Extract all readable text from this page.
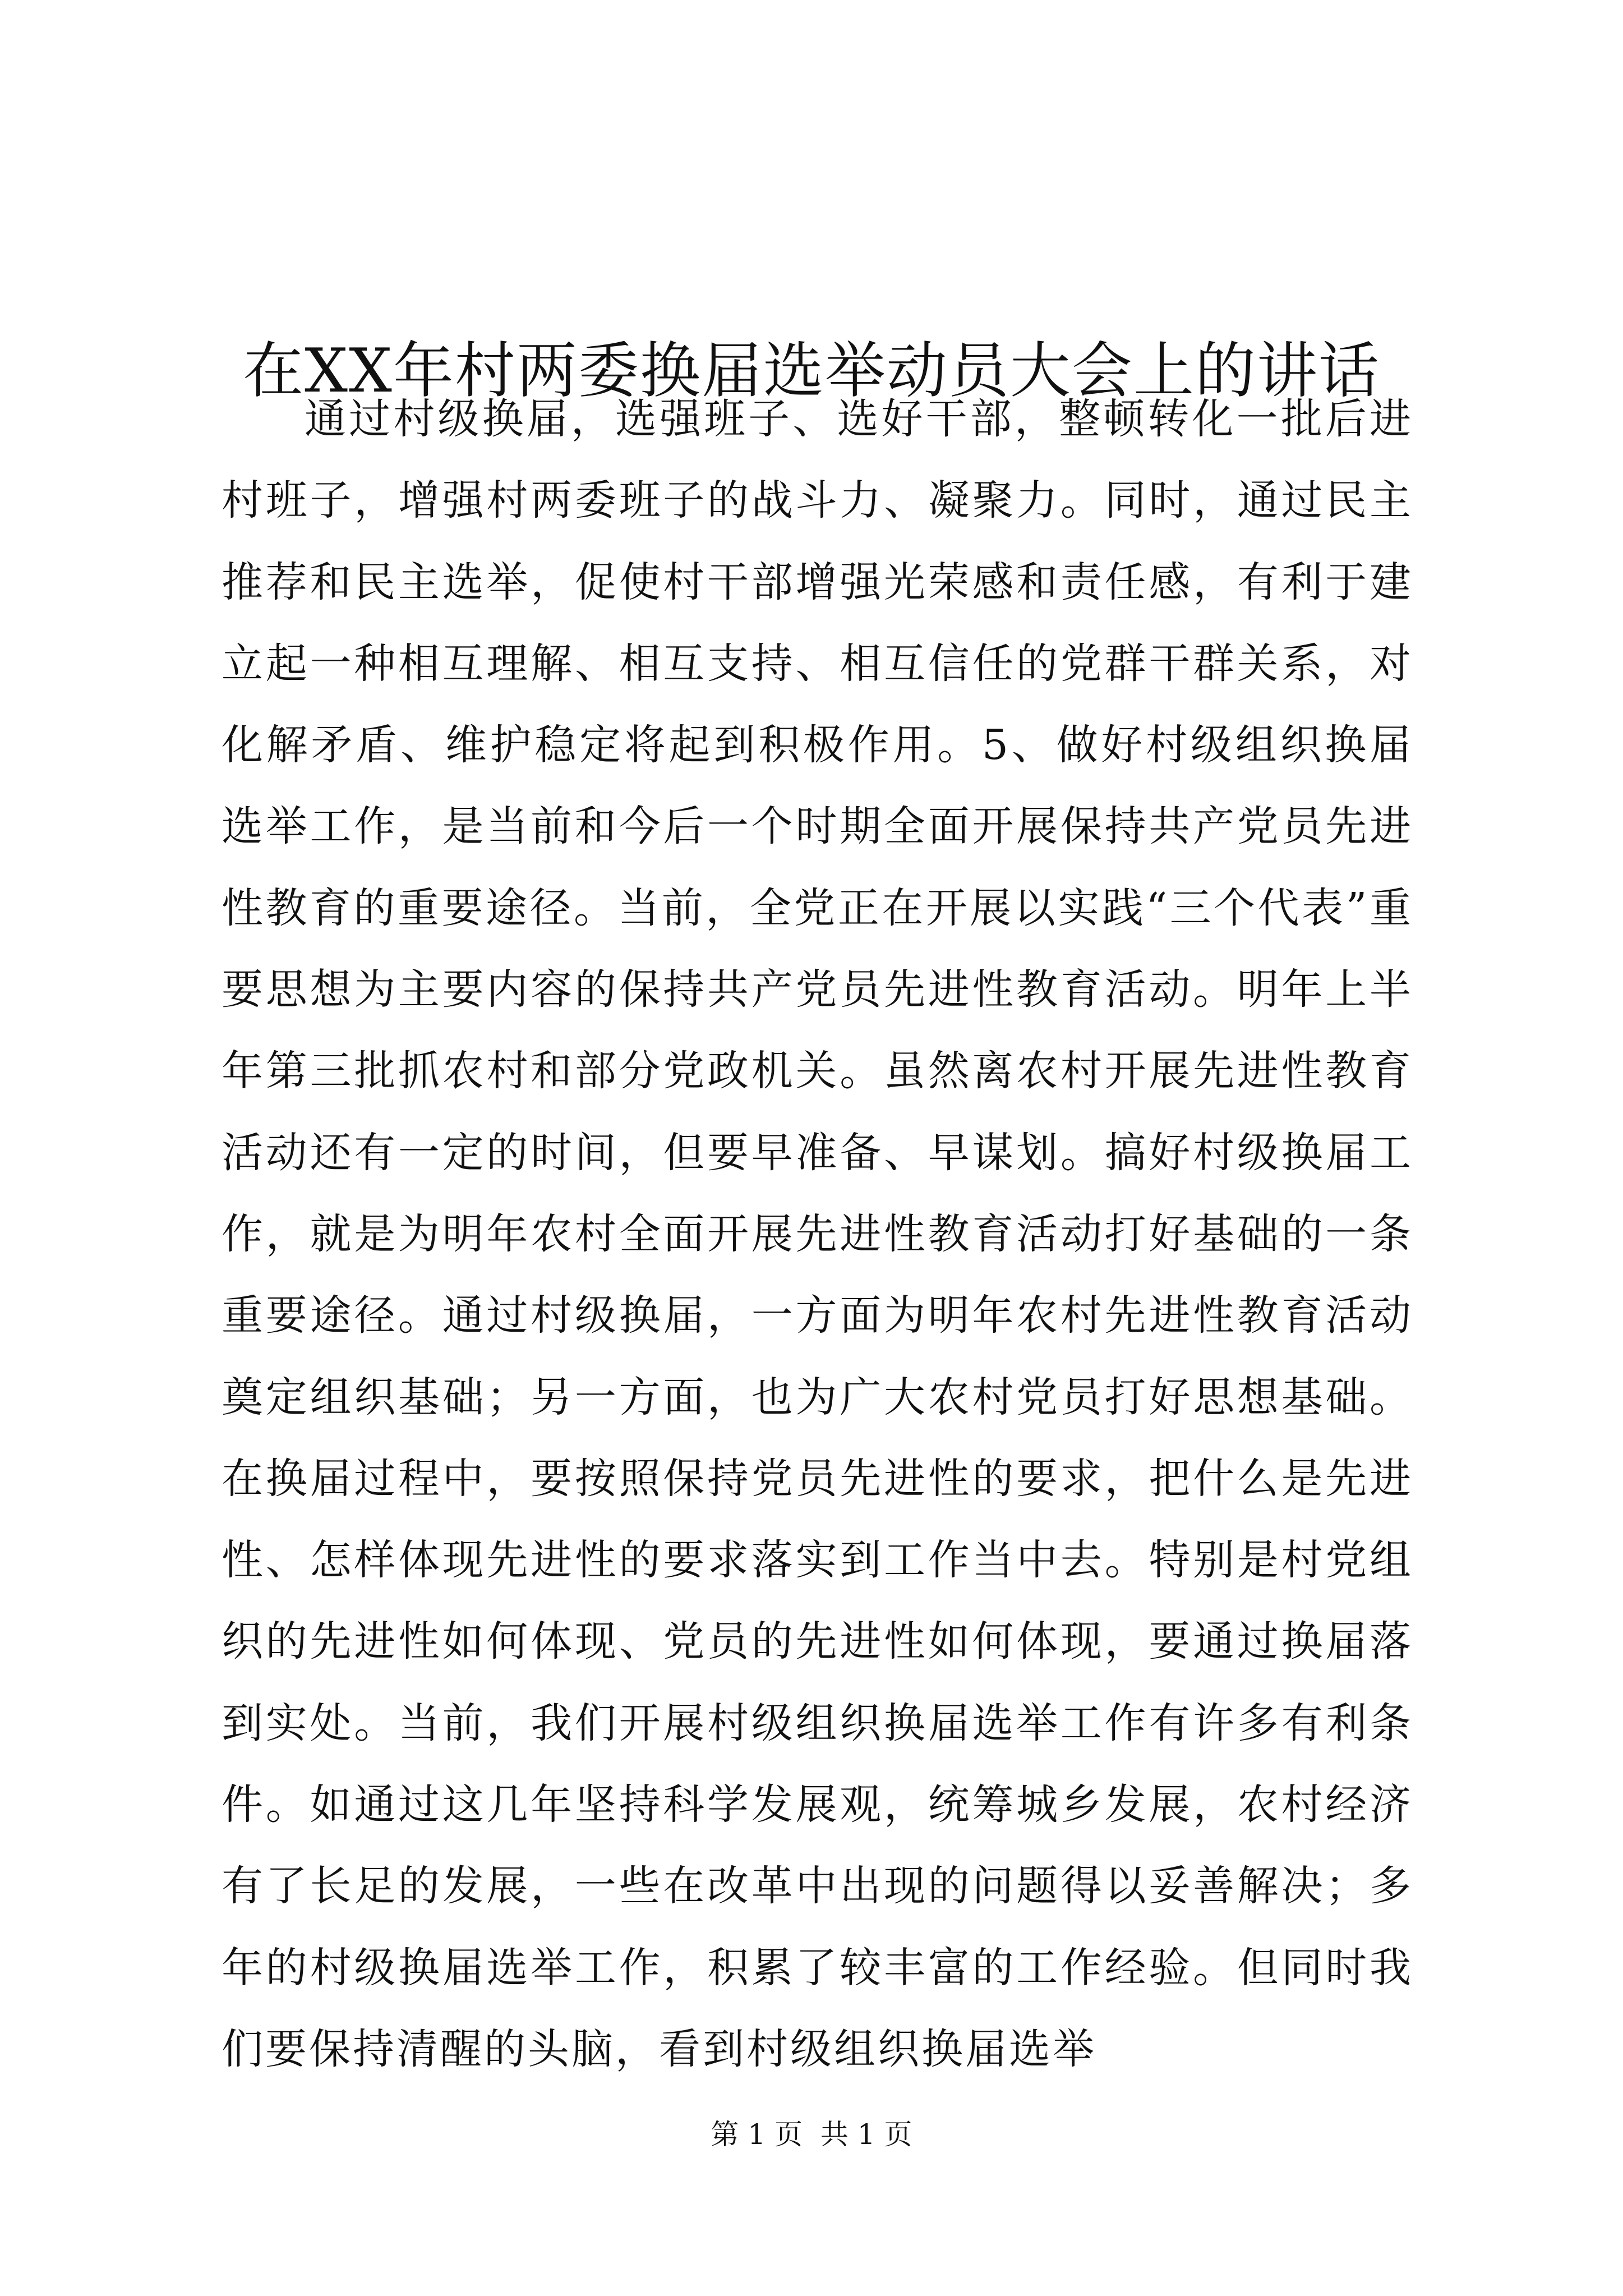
在XX年村两委换届选举动员大会上的讲话

通过村级换届，选强班子、选好干部，整顿转化一批后进村班子，增强村两委班子的战斗力、凝聚力。同时，通过民主推荐和民主选举，促使村干部增强光荣感和责任感，有利于建立起一种相互理解、相互支持、相互信任的党群干群关系，对化解矛盾、维护稳定将起到积极作用。5、做好村级组织换届选举工作，是当前和今后一个时期全面开展保持共产党员先进性教育的重要途径。当前，全党正在开展以实践“三个代表”重要思想为主要内容的保持共产党员先进性教育活动。明年上半年第三批抓农村和部分党政机关。虽然离农村开展先进性教育活动还有一定的时间，但要早准备、早谋划。搞好村级换届工作，就是为明年农村全面开展先进性教育活动打好基础的一条重要途径。通过村级换届，一方面为明年农村先进性教育活动奠定组织基础；另一方面，也为广大农村党员打好思想基础。在换届过程中，要按照保持党员先进性的要求，把什么是先进性、怎样体现先进性的要求落实到工作当中去。特别是村党组织的先进性如何体现、党员的先进性如何体现，要通过换届落到实处。当前，我们开展村级组织换届选举工作有许多有利条件。如通过这几年坚持科学发展观，统筹城乡发展，农村经济有了长足的发展，一些在改革中出现的问题得以妥善解决；多年的村级换届选举工作，积累了较丰富的工作经验。但同时我们要保持清醒的头脑，看到村级组织换届选举

第 1 页  共 1 页
